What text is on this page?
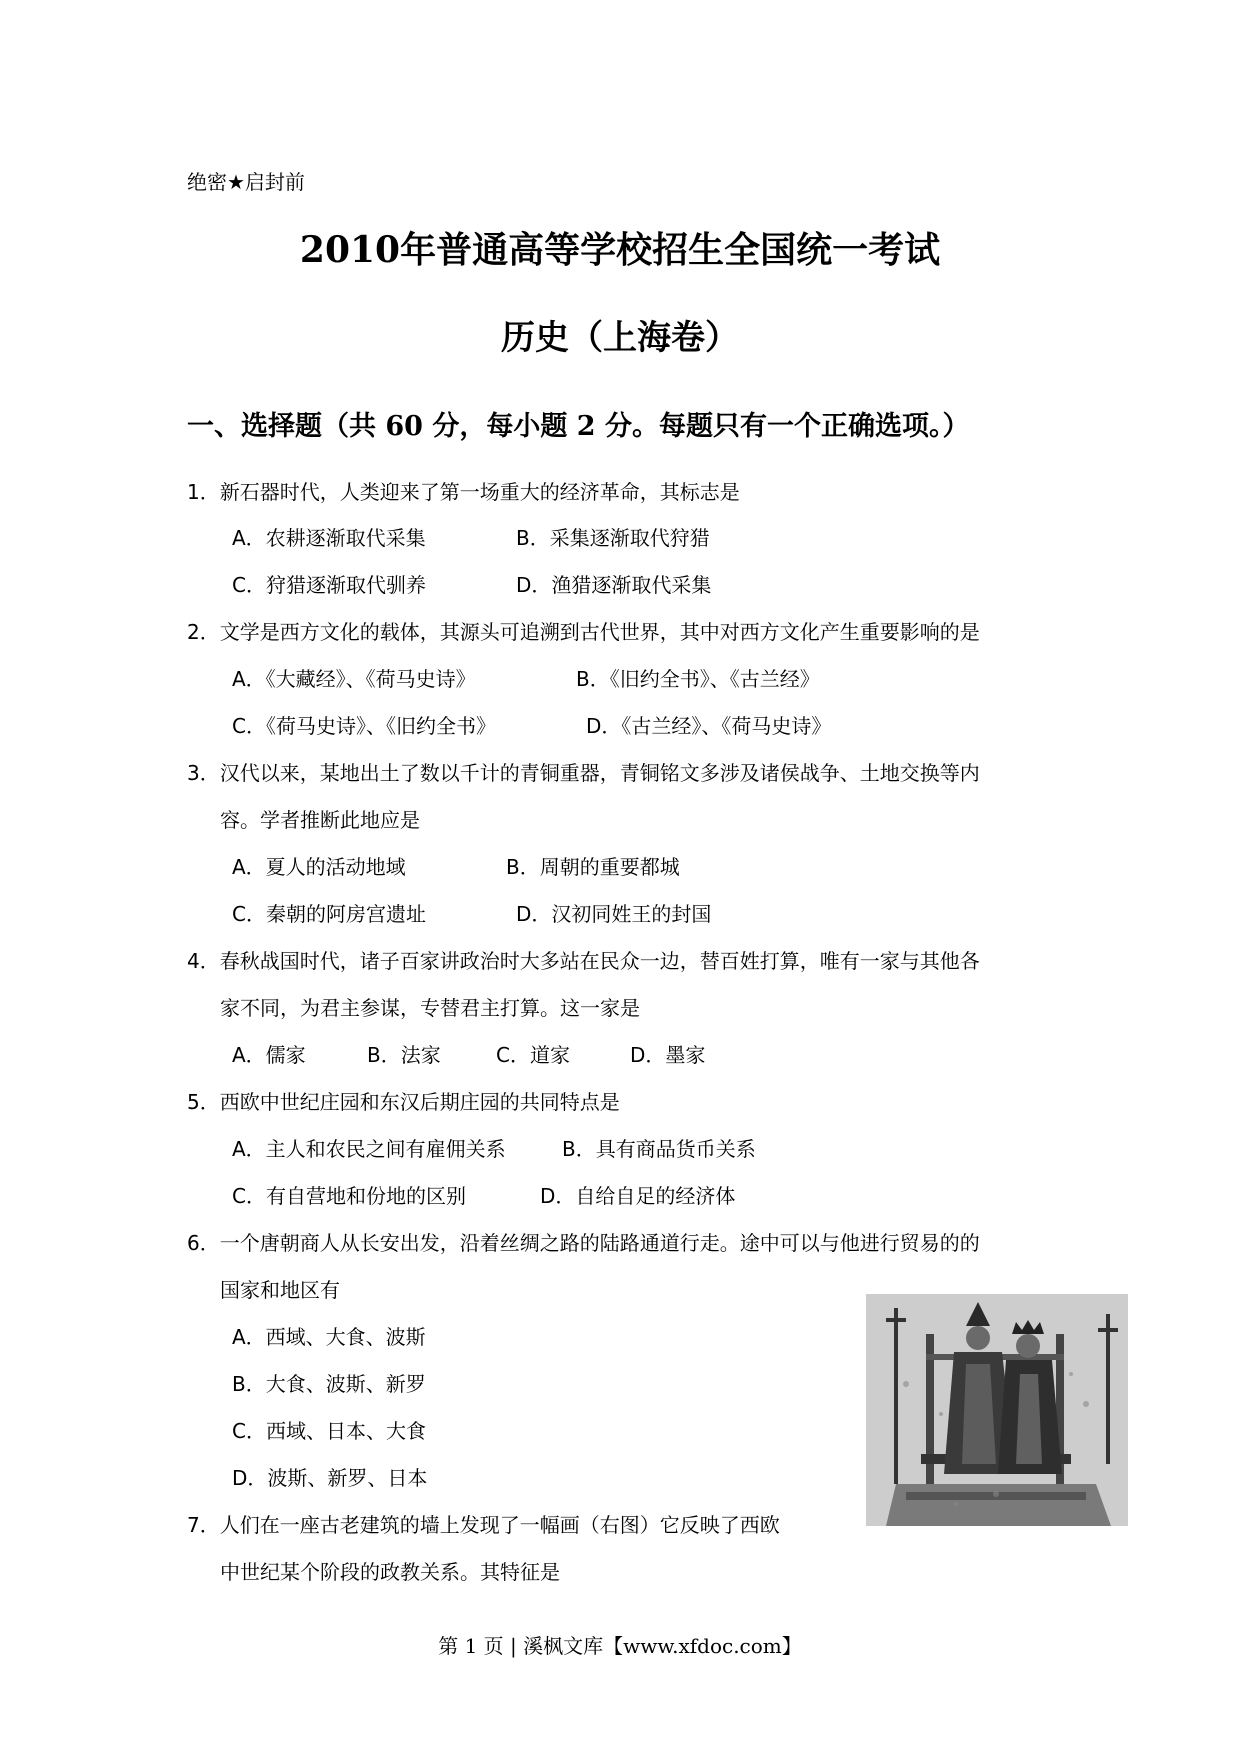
绝密★启封前
2010年普通高等学校招生全国统一考试
历史（上海卷）
一、选择题（共 60 分，每小题 2 分。每题只有一个正确选项。）
1．新石器时代，人类迎来了第一场重大的经济革命，其标志是
A．农耕逐渐取代采集	B．采集逐渐取代狩猎
C．狩猎逐渐取代驯养	D．渔猎逐渐取代采集
2．文学是西方文化的载体，其源头可追溯到古代世界，其中对西方文化产生重要影响的是
A．《大藏经》、《荷马史诗》	B．《旧约全书》、《古兰经》
C．《荷马史诗》、《旧约全书》	D．《古兰经》、《荷马史诗》
3．汉代以来，某地出土了数以千计的青铜重器，青铜铭文多涉及诸侯战争、土地交换等内
容。学者推断此地应是
A．夏人的活动地域	B．周朝的重要都城
C．秦朝的阿房宫遗址	D．汉初同姓王的封国
4．春秋战国时代，诸子百家讲政治时大多站在民众一边，替百姓打算，唯有一家与其他各
家不同，为君主参谋，专替君主打算。这一家是
A．儒家	B．法家	C．道家	D．墨家
5．西欧中世纪庄园和东汉后期庄园的共同特点是
A．主人和农民之间有雇佣关系	B．具有商品货币关系
C．有自营地和份地的区别	D．自给自足的经济体
6．一个唐朝商人从长安出发，沿着丝绸之路的陆路通道行走。途中可以与他进行贸易的的
国家和地区有
A．西域、大食、波斯
B．大食、波斯、新罗
C．西域、日本、大食
D．波斯、新罗、日本
7．人们在一座古老建筑的墙上发现了一幅画（右图）它反映了西欧
中世纪某个阶段的政教关系。其特征是
第 1 页 | 溪枫文库【www.xfdoc.com】
